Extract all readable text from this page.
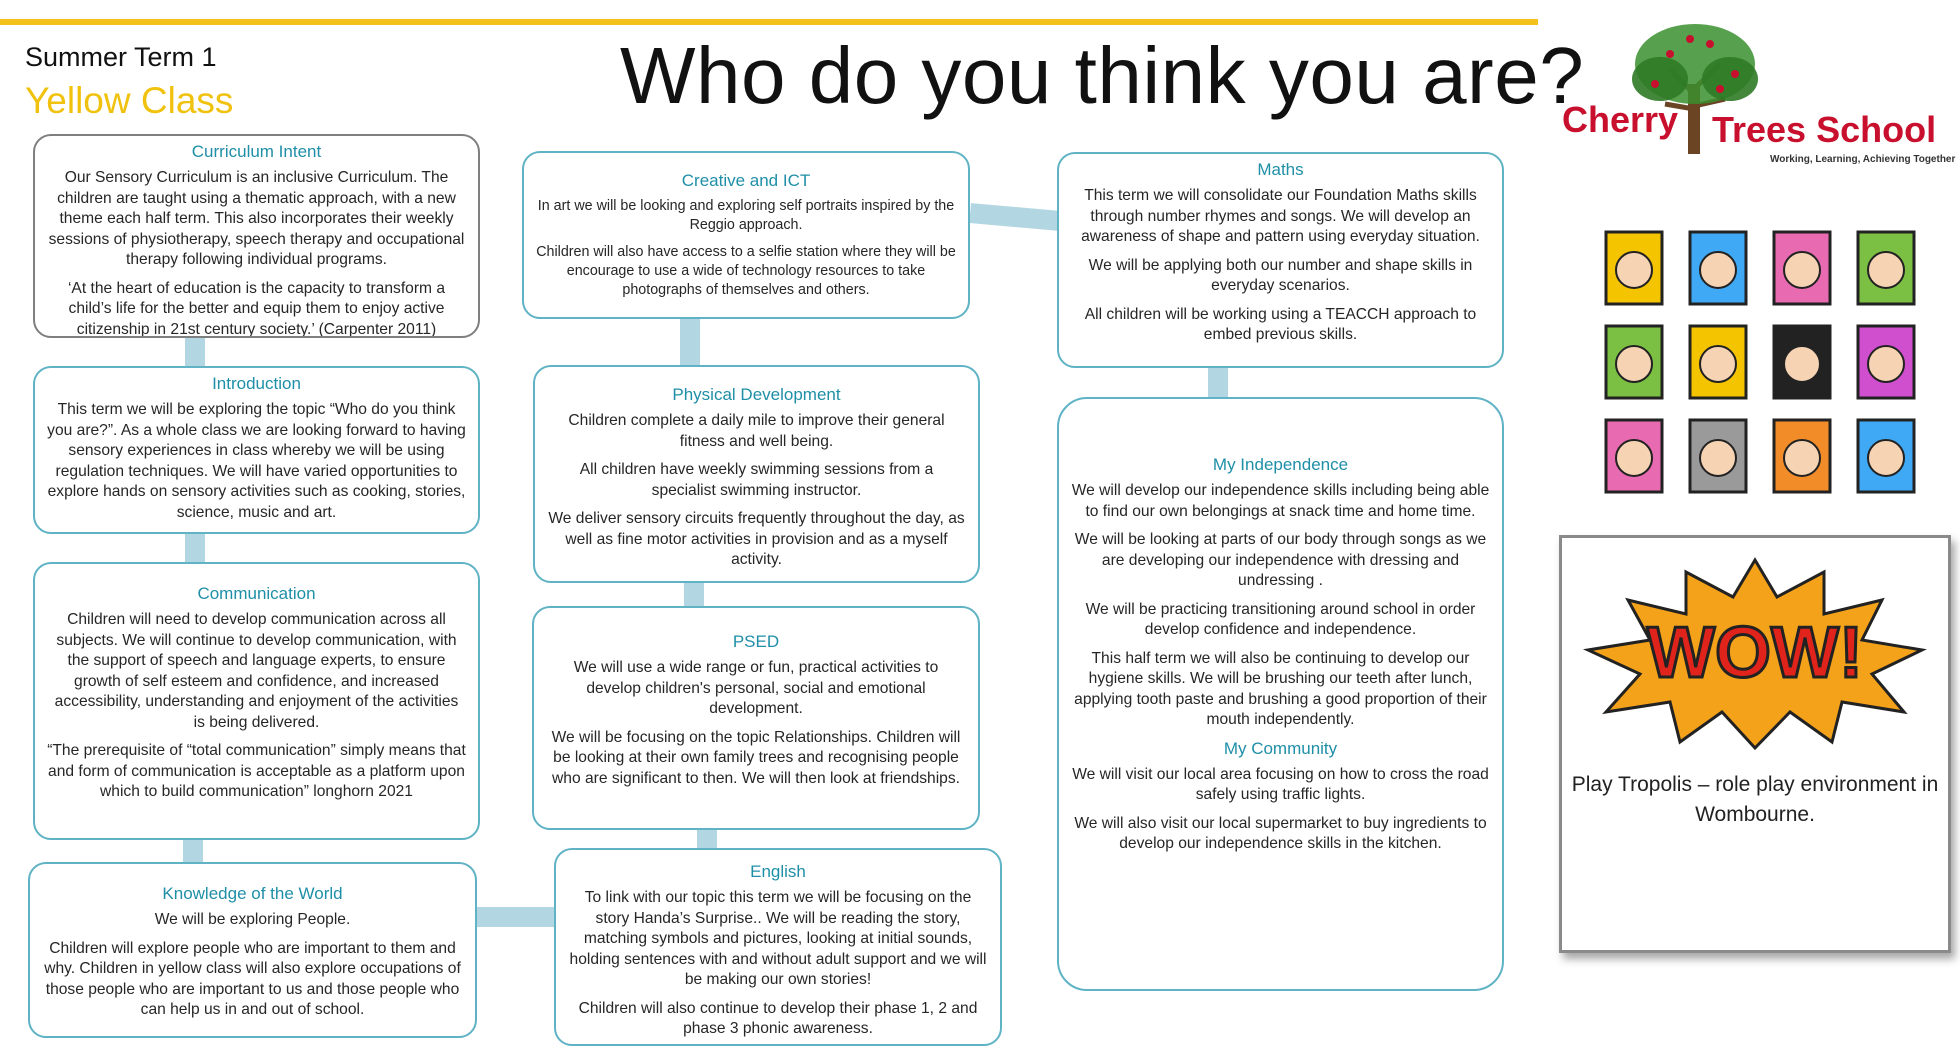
Summer Term 1
Yellow Class	Who do you think you are?
Curriculum Intent

Our Sensory Curriculum is an inclusive Curriculum. The children are taught using a thematic approach, with a new theme each half term. This also incorporates their weekly sessions of physiotherapy, speech therapy and occupational therapy following individual programs.

‘At the heart of education is the capacity to transform a child’s life for the better and equip them to enjoy active citizenship in 21st century society.’ (Carpenter 2011)

Introduction

This term we will be exploring the topic “Who do you think you are?”. As a whole class we are looking forward to having sensory experiences in class whereby we will be using regulation techniques. We will have varied opportunities to explore hands on sensory activities such as cooking, stories, science, music and art.

Communication

Children will need to develop communication across all subjects. We will continue to develop communication, with the support of speech and language experts, to ensure growth of self esteem and confidence, and increased accessibility, understanding and enjoyment of the activities is being delivered.

“The prerequisite of “total communication” simply means that and form of communication is acceptable as a platform upon which to build communication” longhorn 2021

Knowledge of the World

We will be exploring People.

Children will explore people who are important to them and why. Children in yellow class will also explore occupations of those people who are important to us and those people who can help us in and out of school.

Creative and ICT

In art we will be looking and exploring self portraits inspired by the Reggio approach.

Children will also have access to a selfie station where they will be encourage to use a wide of technology resources to take photographs of themselves and others.

Physical Development

Children complete a daily mile to improve their general fitness and well being.

All children have weekly swimming sessions from a specialist swimming instructor.

We deliver sensory circuits frequently throughout the day, as well as fine motor activities in provision and as a myself activity.

PSED

We will use a wide range or fun, practical activities to develop children's personal, social and emotional development.

We will be focusing on the topic Relationships. Children will be looking at their own family trees and recognising people who are significant to then. We will then look at friendships.

English

To link with our topic this term we will be focusing on the story Handa’s Surprise.. We will be reading the story, matching symbols and pictures, looking at initial sounds, holding sentences with and without adult support and we will be making our own stories!

Children will also continue to develop their phase 1, 2 and phase 3 phonic awareness.

Maths

This term we will consolidate our Foundation Maths skills through number rhymes and songs. We will develop an awareness of shape and pattern using everyday situation.

We will be applying both our number and shape skills in everyday scenarios.

All children will be working using a TEACCH approach to embed previous skills.

My Independence

We will develop our independence skills including being able to find our own belongings at snack time and home time.

We will be looking at parts of our body through songs as we are developing our independence with dressing and undressing .

We will be practicing transitioning around school in order develop confidence and independence.

This half term we will also be continuing to develop our hygiene skills. We will be brushing our teeth after lunch, applying tooth paste and brushing a good proportion of their mouth independently.

My Community

We will visit our local area focusing on how to cross the road safely using traffic lights.

We will also visit our local supermarket to buy ingredients to develop our independence skills in the kitchen.

Cherry Trees School
Working, Learning, Achieving Together
WOW!
Play Tropolis – role play environment in Wombourne.
